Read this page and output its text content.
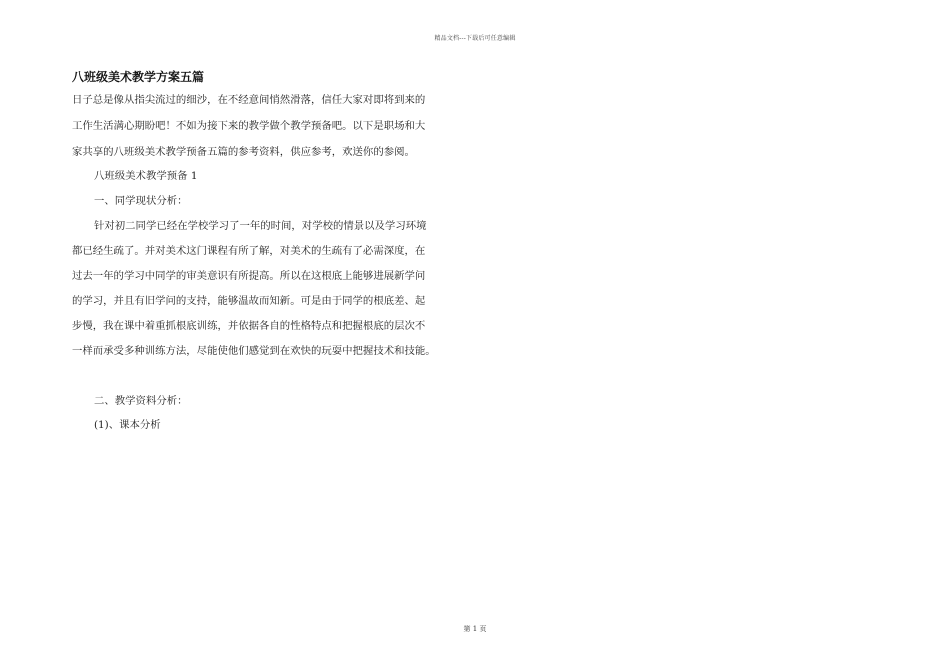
精品文档---下载后可任意编辑
八班级美术教学方案五篇
日子总是像从指尖流过的细沙，在不经意间悄然滑落，信任大家对即将到来的
工作生活满心期盼吧！不如为接下来的教学做个教学预备吧。以下是职场和大
家共享的八班级美术教学预备五篇的参考资料，供应参考，欢送你的参阅。
八班级美术教学预备 1
一、同学现状分析：
针对初二同学已经在学校学习了一年的时间，对学校的情景以及学习环境
都已经生疏了。并对美术这门课程有所了解，对美术的生疏有了必需深度，在
过去一年的学习中同学的审美意识有所提高。所以在这根底上能够进展新学问
的学习，并且有旧学问的支持，能够温故而知新。可是由于同学的根底差、起
步慢，我在课中着重抓根底训练，并依据各自的性格特点和把握根底的层次不
一样而承受多种训练方法，尽能使他们感觉到在欢快的玩耍中把握技术和技能。
二、教学资料分析：
(1)、课本分析
第 1 页
